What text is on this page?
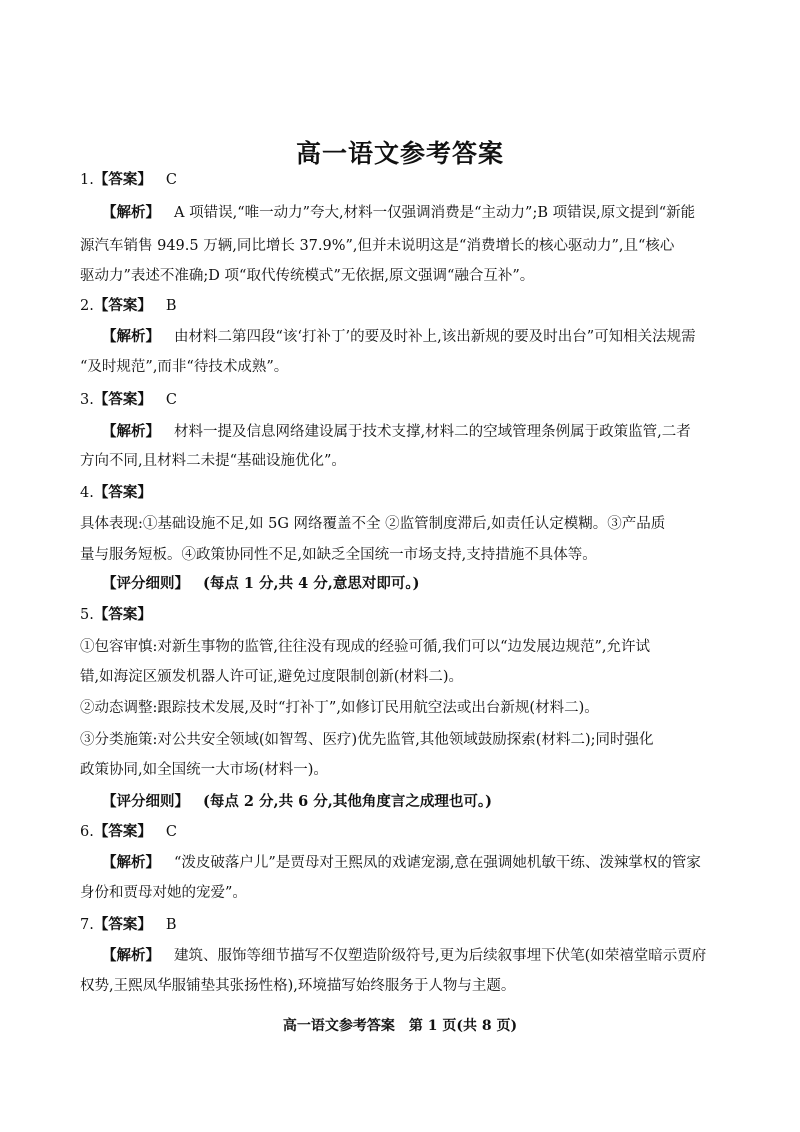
高一语文参考答案
1.【答案】 C
【解析】 A 项错误,“唯一动力”夸大,材料一仅强调消费是“主动力”;B 项错误,原文提到“新能
源汽车销售 949.5 万辆,同比增长 37.9%”,但并未说明这是“消费增长的核心驱动力”,且“核心
驱动力”表述不准确;D 项“取代传统模式”无依据,原文强调“融合互补”。
2.【答案】 B
【解析】 由材料二第四段“该‘打补丁’的要及时补上,该出新规的要及时出台”可知相关法规需
“及时规范”,而非“待技术成熟”。
3.【答案】 C
【解析】 材料一提及信息网络建设属于技术支撑,材料二的空域管理条例属于政策监管,二者
方向不同,且材料二未提“基础设施优化”。
4.【答案】
具体表现:①基础设施不足,如 5G 网络覆盖不全 ②监管制度滞后,如责任认定模糊。③产品质
量与服务短板。④政策协同性不足,如缺乏全国统一市场支持,支持措施不具体等。
【评分细则】 (每点 1 分,共 4 分,意思对即可。)
5.【答案】
①包容审慎:对新生事物的监管,往往没有现成的经验可循,我们可以“边发展边规范”,允许试
错,如海淀区颁发机器人许可证,避免过度限制创新(材料二)。
②动态调整:跟踪技术发展,及时“打补丁”,如修订民用航空法或出台新规(材料二)。
③分类施策:对公共安全领域(如智驾、医疗)优先监管,其他领域鼓励探索(材料二);同时强化
政策协同,如全国统一大市场(材料一)。
【评分细则】 (每点 2 分,共 6 分,其他角度言之成理也可。)
6.【答案】 C
【解析】 “泼皮破落户儿”是贾母对王熙凤的戏谑宠溺,意在强调她机敏干练、泼辣掌权的管家
身份和贾母对她的宠爱”。
7.【答案】 B
【解析】 建筑、服饰等细节描写不仅塑造阶级符号,更为后续叙事埋下伏笔(如荣禧堂暗示贾府
权势,王熙凤华服铺垫其张扬性格),环境描写始终服务于人物与主题。
高一语文参考答案　第 1 页(共 8 页)
